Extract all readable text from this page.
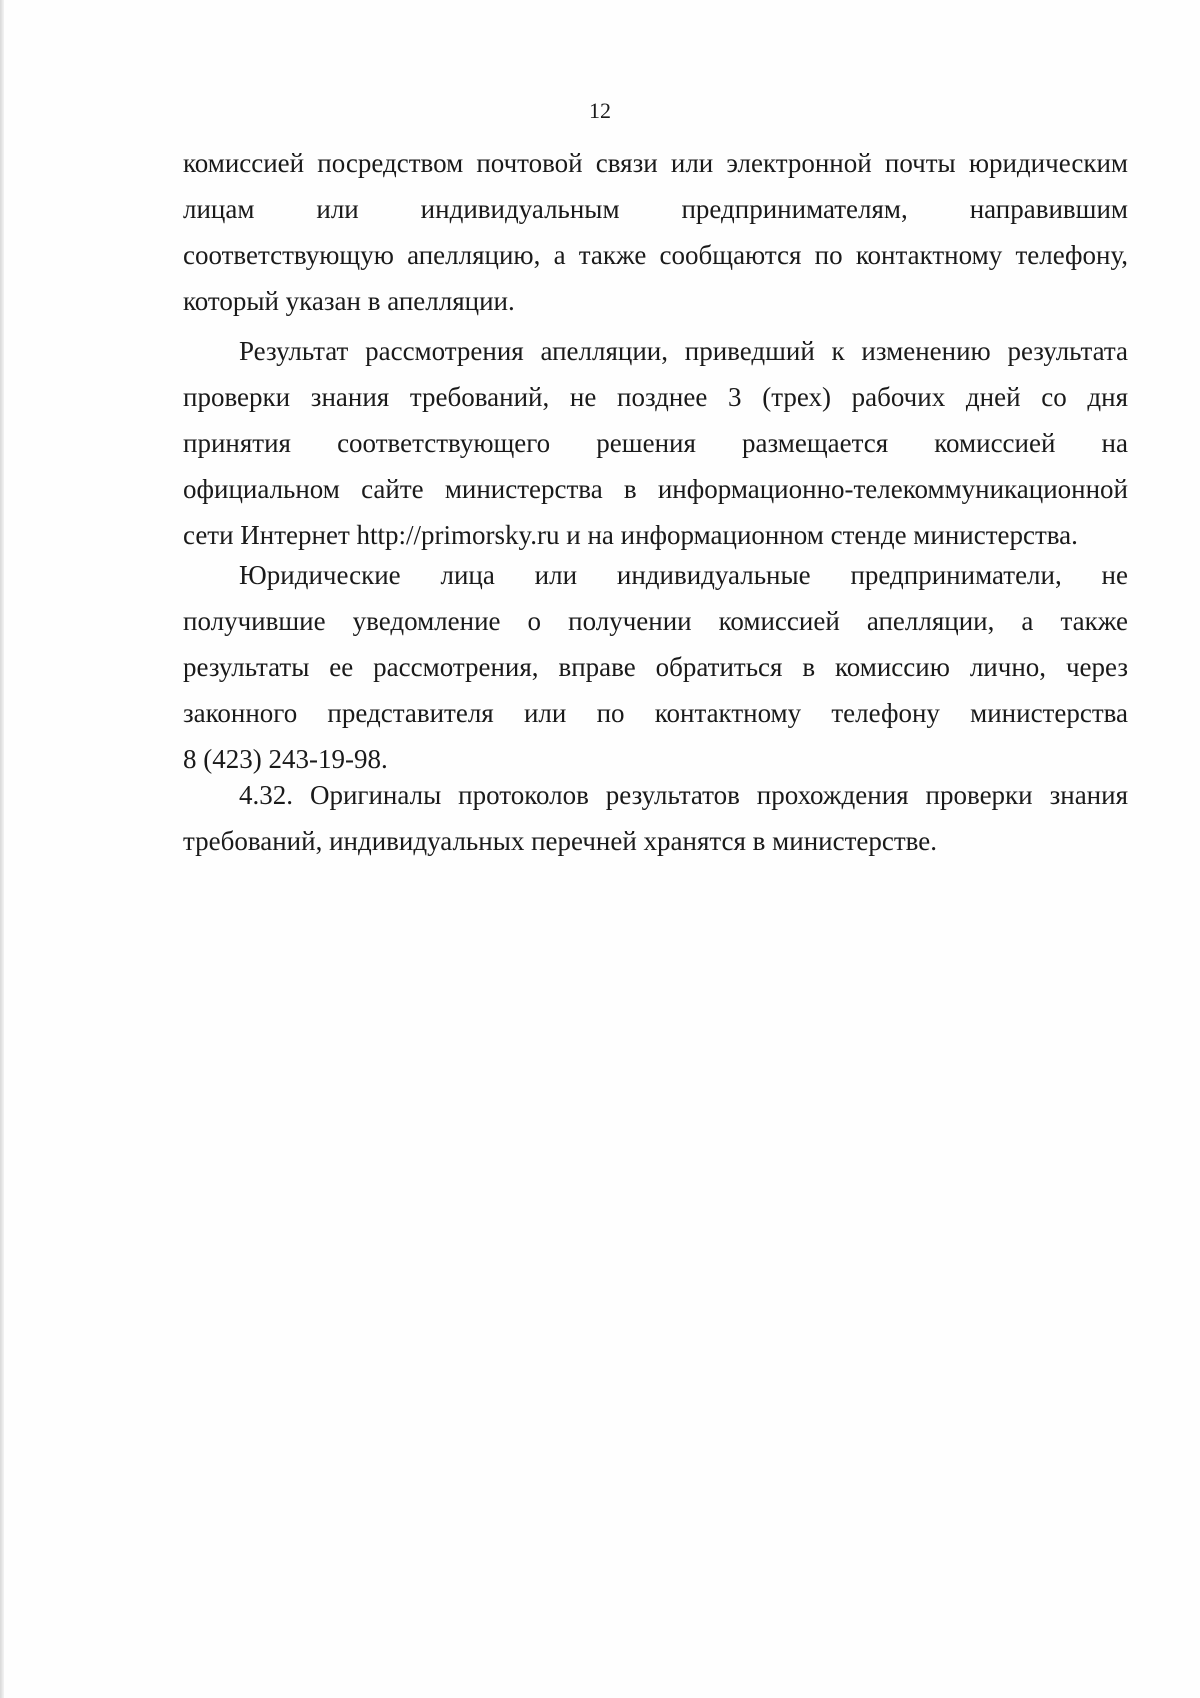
12
комиссией посредством почтовой связи или электронной почты юридическим
лицам или индивидуальным предпринимателям, направившим
соответствующую апелляцию, а также сообщаются по контактному телефону,
который указан в апелляции.
Результат рассмотрения апелляции, приведший к изменению результата
проверки знания требований, не позднее 3 (трех) рабочих дней со дня
принятия соответствующего решения размещается комиссией на
официальном сайте министерства в информационно-телекоммуникационной
сети Интернет http://primorsky.ru и на информационном стенде министерства.
Юридические лица или индивидуальные предприниматели, не
получившие уведомление о получении комиссией апелляции, а также
результаты ее рассмотрения, вправе обратиться в комиссию лично, через
законного представителя или по контактному телефону министерства
8 (423) 243-19-98.
4.32. Оригиналы протоколов результатов прохождения проверки знания
требований, индивидуальных перечней хранятся в министерстве.
